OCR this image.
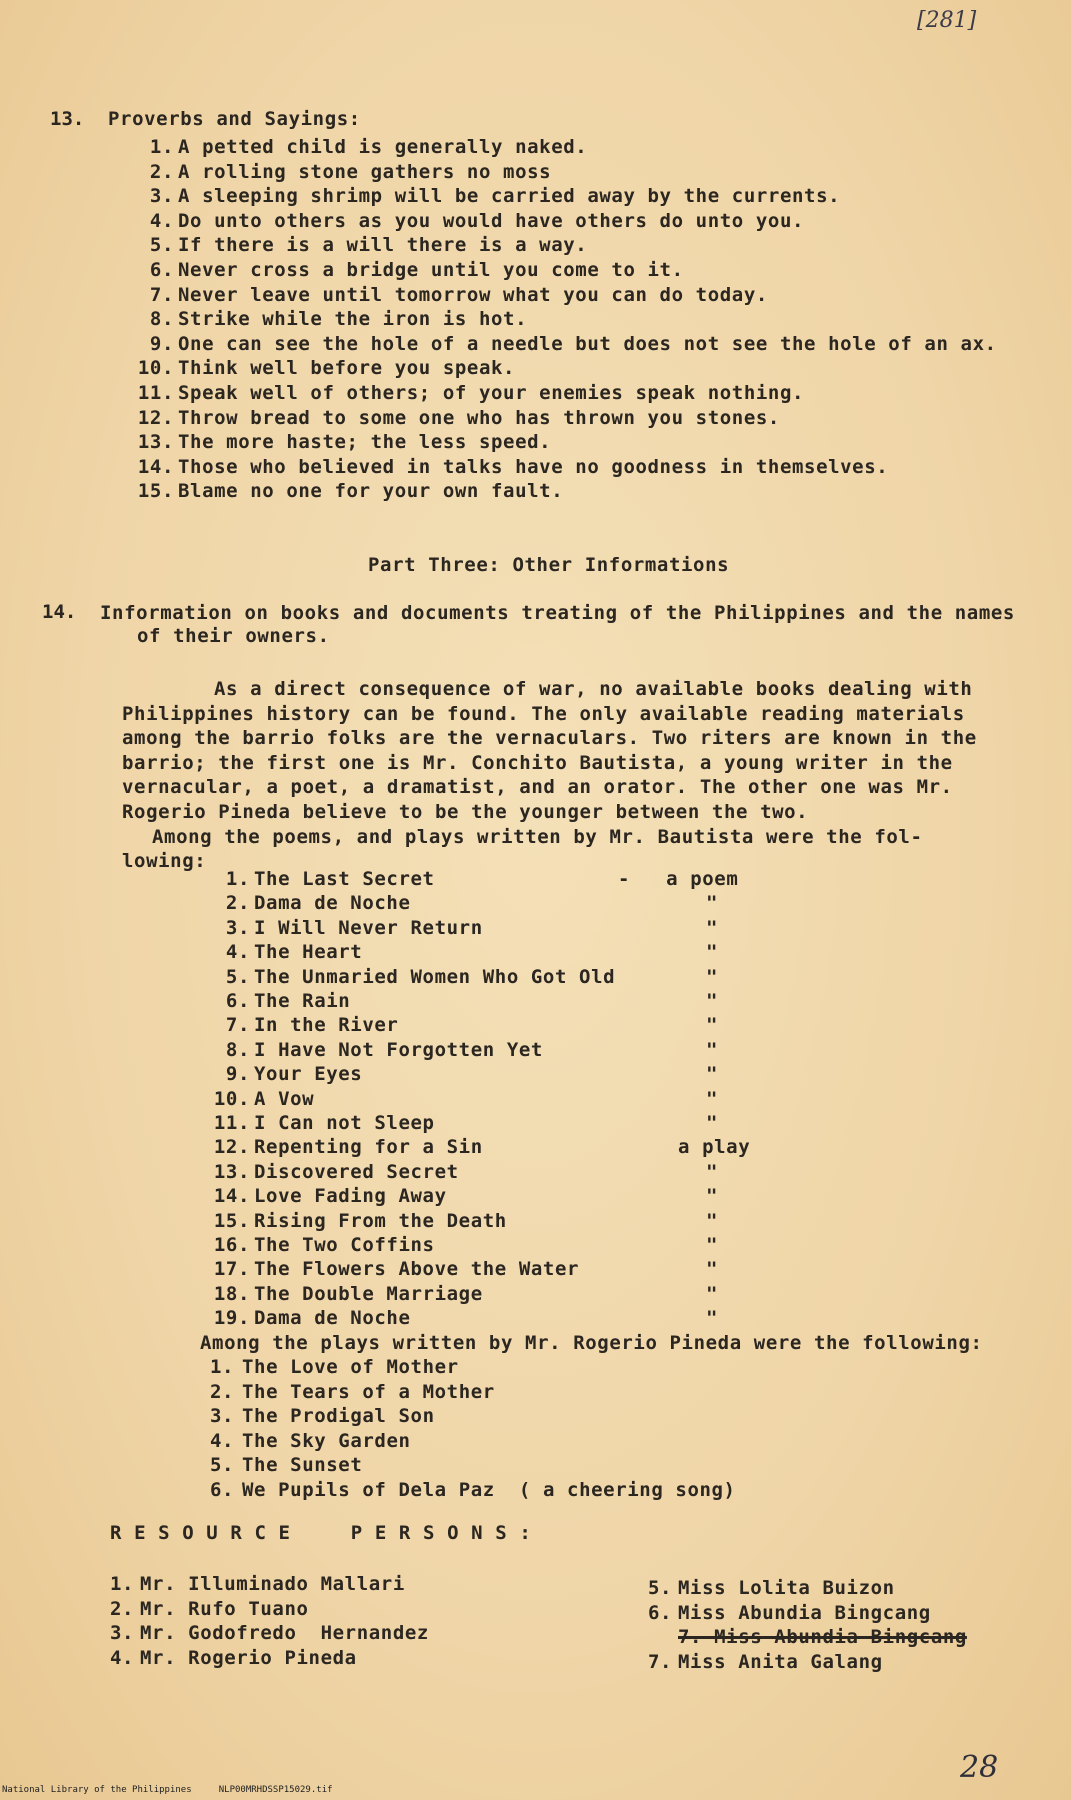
[281]
13. Proverbs and Sayings:
1. A petted child is generally naked.
2. A rolling stone gathers no moss
3. A sleeping shrimp will be carried away by the currents.
4. Do unto others as you would have others do unto you.
5. If there is a will there is a way.
6. Never cross a bridge until you come to it.
7. Never leave until tomorrow what you can do today.
8. Strike while the iron is hot.
9. One can see the hole of a needle but does not see the hole of an ax.
10. Think well before you speak.
11. Speak well of others; of your enemies speak nothing.
12. Throw bread to some one who has thrown you stones.
13. The more haste; the less speed.
14. Those who believed in talks have no goodness in themselves.
15. Blame no one for your own fault.
Part Three: Other Informations
14. Information on books and documents treating of the Philippines and the names
of their owners.
As a direct consequence of war, no available books dealing with
Philippines history can be found. The only available reading materials
among the barrio folks are the vernaculars. Two riters are known in the
barrio; the first one is Mr. Conchito Bautista, a young writer in the
vernacular, a poet, a dramatist, and an orator. The other one was Mr.
Rogerio Pineda believe to be the younger between the two.
Among the poems, and plays written by Mr. Bautista were the fol-
lowing:
1. The Last Secret	-   a poem
2. Dama de Noche	"
3. I Will Never Return	"
4. The Heart	"
5. The Unmaried Women Who Got Old	"
6. The Rain	"
7. In the River	"
8. I Have Not Forgotten Yet	"
9. Your Eyes	"
10. A Vow	"
11. I Can not Sleep	"
12. Repenting for a Sin	a play
13. Discovered Secret	"
14. Love Fading Away	"
15. Rising From the Death	"
16. The Two Coffins	"
17. The Flowers Above the Water	"
18. The Double Marriage	"
19. Dama de Noche	"
Among the plays written by Mr. Rogerio Pineda were the following:
1. The Love of Mother
2. The Tears of a Mother
3. The Prodigal Son
4. The Sky Garden
5. The Sunset
6. We Pupils of Dela Paz  ( a cheering song)
R E S O U R C E     P E R S O N S :
1. Mr. Illuminado Mallari
2. Mr. Rufo Tuano
3. Mr. Godofredo  Hernandez
4. Mr. Rogerio Pineda
5. Miss Lolita Buizon
6. Miss Abundia Bingcang
7. Miss Abundia Bingcang
7. Miss Anita Galang
28
National Library of the Philippines     NLP00MRHDSSP15029.tif
